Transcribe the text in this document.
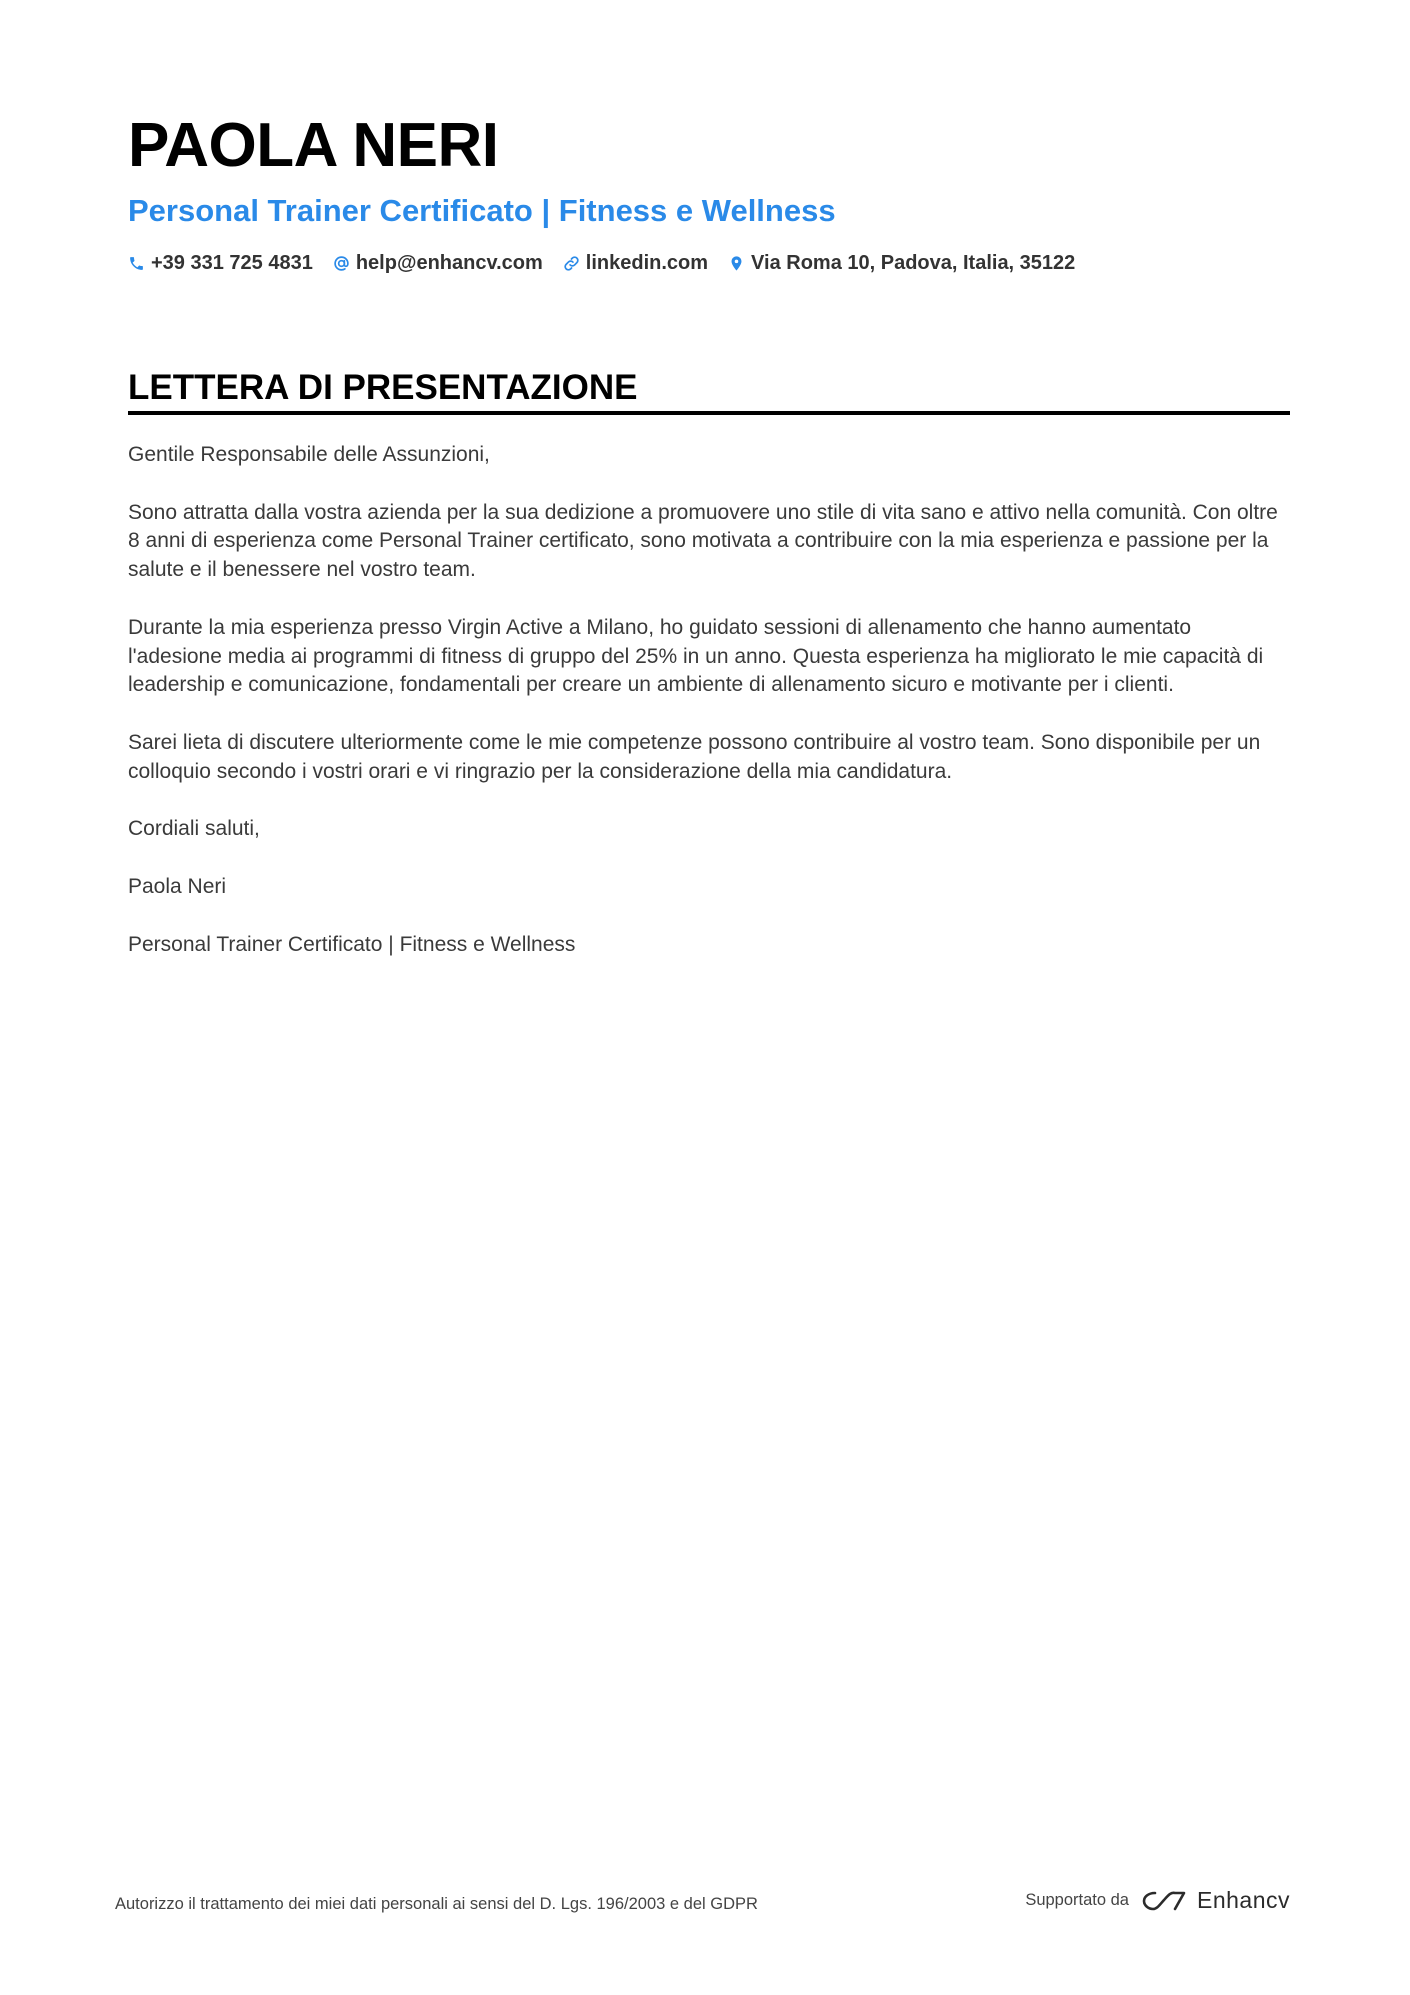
PAOLA NERI
Personal Trainer Certificato | Fitness e Wellness
+39 331 725 4831 help@enhancv.com linkedin.com Via Roma 10, Padova, Italia, 35122
LETTERA DI PRESENTAZIONE

Gentile Responsabile delle Assunzioni,

Sono attratta dalla vostra azienda per la sua dedizione a promuovere uno stile di vita sano e attivo nella comunità. Con oltre 8 anni di esperienza come Personal Trainer certificato, sono motivata a contribuire con la mia esperienza e passione per la salute e il benessere nel vostro team.

Durante la mia esperienza presso Virgin Active a Milano, ho guidato sessioni di allenamento che hanno aumentato l'adesione media ai programmi di fitness di gruppo del 25% in un anno. Questa esperienza ha migliorato le mie capacità di leadership e comunicazione, fondamentali per creare un ambiente di allenamento sicuro e motivante per i clienti.

Sarei lieta di discutere ulteriormente come le mie competenze possono contribuire al vostro team. Sono disponibile per un colloquio secondo i vostri orari e vi ringrazio per la considerazione della mia candidatura.

Cordiali saluti,

Paola Neri

Personal Trainer Certificato | Fitness e Wellness

Autorizzo il trattamento dei miei dati personali ai sensi del D. Lgs. 196/2003 e del GDPR	Supportato da	Enhancv
